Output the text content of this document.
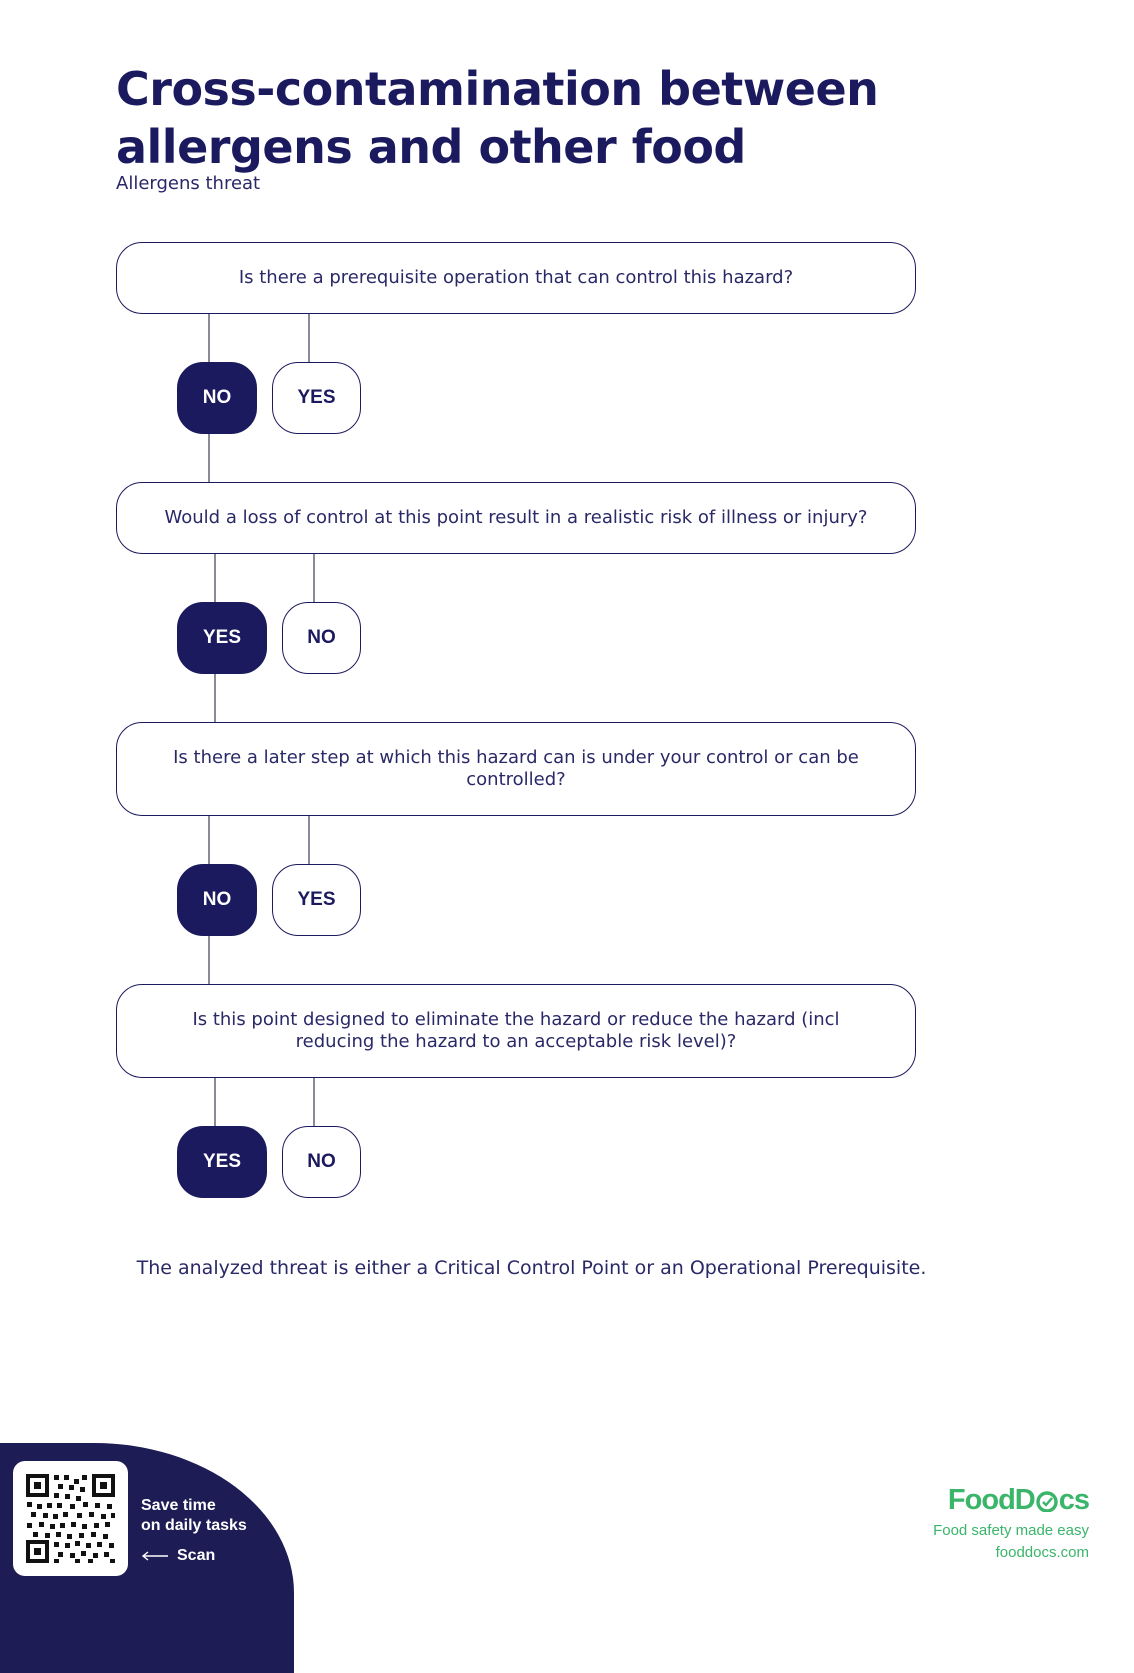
Cross-contamination between
allergens and other food
Allergens threat
Is there a prerequisite operation that can control this hazard?
NO	YES
Would a loss of control at this point result in a realistic risk of illness or injury?
YES	NO
Is there a later step at which this hazard can is under your control or can be controlled?
NO	YES
Is this point designed to eliminate the hazard or reduce the hazard (incl reducing the hazard to an acceptable risk level)?
YES	NO
The analyzed threat is either a Critical Control Point or an Operational Prerequisite.
Save time
on daily tasks
Scan
Food D cs
Food safety made easy
fooddocs.com
